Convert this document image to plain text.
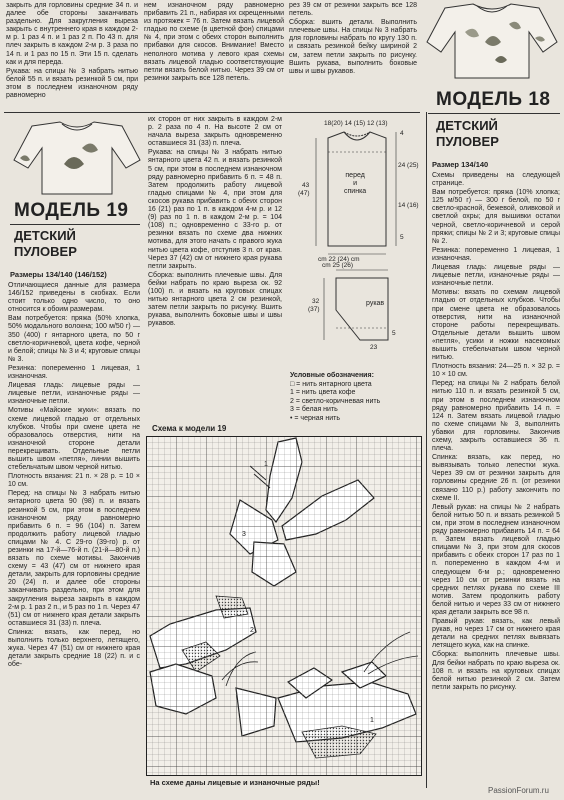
закрыть для горловины средние 34 п. и далее обе стороны заканчивать раздельно. Для закругления выреза закрыть с внутреннего края в каждом 2-м р. 1 раз 4 п. и 1 раз 2 п. По 43 п. для плеч закрыть в каждом 2-м р. 3 раза по 14 п. и 1 раз по 15 п. Эти 15 п. сделать как и для переда.

Рукава: на спицы № 3 набрать нитью белой 55 п. и вязать резинкой 5 см, при этом в последнем изнаночном ряду равномерно

нем изнаночном ряду равномерно прибавить 21 п., набирая их скрещенными из протяжек = 76 п. Затем вязать лицевой гладью по схеме (в цветной фон) спицами № 4, при этом с обеих сторон выполнить прибавки для скосов. Внимание! Вместо неполного мотива у левого края схемы вязать лицевой гладью соответствующие петли вязать белой нитью. Через 39 см от резинки закрыть все 128 петель.

рез 39 см от резинки закрыть все 128 петель.

Сборка: вшить детали. Выполнить плечевые швы. На спицы № 3 набрать для горловины набрать по кругу 130 п. и связать резинкой бейку шириной 2 см, затем петли закрыть по рисунку. Вшить рукава, выполнить боковые швы и швы рукавов.

МОДЕЛЬ 18
ДЕТСКИЙ
ПУЛОВЕР
Размер 134/140

Схемы приведены на следующей странице.

Вам потребуется: пряжа (10% хлопка; 125 м/50 г) — 300 г белой, по 50 г светло-красной, бежевой, оливковой и светлой охры; для вышивки остатки черной, светло-коричневой и серой пряжи; спицы № 2 и 3; круговые спицы № 2.

Резинка: попеременно 1 лицевая, 1 изнаночная.

Лицевая гладь: лицевые ряды — лицевые петли, изнаночные ряды — изнаночные петли.

Мотивы: вязать по схемам лицевой гладью от отдельных клубков. Чтобы при смене цвета не образовалось отверстия, нити на изнаночной стороне работы перекрещивать. Отдельные детали вышить швом «петля», усики и ножки насекомых вышить стебельчатым швом черной нитью.

Плотность вязания: 24—25 п. × 32 р. = 10 × 10 см.

Перед: на спицы № 2 набрать белой нитью 110 п. и вязать резинкой 5 см, при этом в последнем изнаночном ряду равномерно прибавить 14 п. = 124 п. Затем вязать лицевой гладью по схеме спицами № 3, выполнить убавки для горловины. Закончив схему, закрыть оставшиеся 36 п. плеча.

Спинка: вязать, как перед, но вывязывать только лепестки жука. Через 39 см от резинки закрыть для горловины средние 26 п. (от резинки связано 110 р.) работу закончить по схеме II.

Левый рукав: на спицы № 2 набрать белой нитью 50 п. и вязать резинкой 5 см, при этом в последнем изнаночном ряду равномерно прибавить 14 п. = 64 п. Затем вязать лицевой гладью спицами № 3, при этом для скосов прибавить с обеих сторон 17 раз по 1 п. попеременно в каждом 4-м и следующем 6-м р.; одновременно через 10 см от резинки вязать на средних петлях рукава по схеме III мотив. Затем продолжить работу белой нитью и через 33 см от нижнего края детали закрыть все 98 п.

Правый рукав: вязать, как левый рукав, но через 17 см от нижнего края детали на средних петлях вывязать летящего жука, как на спинке.

Сборка: выполнить плечевые швы. Для бейки набрать по краю выреза ок. 108 п. и вязать на круговых спицах белой нитью резинкой 2 см. Затем петли закрыть по рисунку.

МОДЕЛЬ 19
ДЕТСКИЙ
ПУЛОВЕР
Размеры 134/140 (146/152)

Отличающиеся данные для размера 146/152 приведены в скобках. Если стоит только одно число, то оно относится к обоим размерам.

Вам потребуется: пряжа (50% хлопка, 50% модального волокна; 100 м/50 г) — 350 (400) г янтарного цвета, по 50 г светло-коричневой, цвета кофе, черной и белой; спицы № 3 и 4; круговые спицы № 3.

Резинка: попеременно 1 лицевая, 1 изнаночная.

Лицевая гладь: лицевые ряды — лицевые петли, изнаночные ряды — изнаночные петли.

Мотивы «Майские жуки»: вязать по схеме лицевой гладью от отдельных клубков. Чтобы при смене цвета не образовалось отверстия, нити на изнаночной стороне детали перекрещивать. Отдельные петли вышить швом «петля», линии вышить стебельчатым швом черной нитью.

Плотность вязания: 21 п. × 28 р. = 10 × 10 см.

Перед: на спицы № 3 набрать нитью янтарного цвета 90 (98) п. и вязать резинкой 5 см, при этом в последнем изнаночном ряду равномерно прибавить 6 п. = 96 (104) п. Затем продолжить работу лицевой гладью спицами № 4. С 29-го (39-го) р. от резинки на 17-й—76-й п. (21-й—80-й п.) вязать по схеме мотивы. Закончив схему = 43 (47) см от нижнего края детали, закрыть для горловины средние 20 (24) п. и далее обе стороны заканчивать раздельно, при этом для закругления выреза закрыть в каждом 2-м р. 1 раз 2 п., и 5 раз по 1 п. Через 47 (51) см от нижнего края детали закрыть оставшиеся 31 (33) п. плеча.

Спинка: вязать, как перед, но выполнить только верхнего, летящего, жука. Через 47 (51) см от нижнего края детали закрыть средние 18 (22) п. и с обе-

их сторон от них закрыть в каждом 2-м р. 2 раза по 4 п. На высоте 2 см от начала выреза закрыть одновременно оставшиеся 31 (33) п. плеча.

Рукава: на спицы № 3 набрать нитью янтарного цвета 42 п. и вязать резинкой 5 см, при этом в последнем изнаночном ряду равномерно прибавить 6 п. = 48 п. Затем продолжить работу лицевой гладью спицами № 4, при этом для скосов рукава прибавить с обеих сторон 16 (21) раз по 1 п. в каждом 4-м р. и 12 (9) раз по 1 п. в каждом 2-м р. = 104 (108) п.; одновременно с 33-го р. от резинки вязать по схеме два нижних мотива, для этого начать с правого жука нитью цвета кофе, отступив 3 п. от края. Через 37 (42) см от нижнего края рукава петли закрыть.

Сборка: выполнить плечевые швы. Для бейки набрать по краю выреза ок. 92 (100) п. и вязать на круговых спицах нитью янтарного цвета 2 см резинкой, затем петли закрыть по рисунку. Вшить рукава, выполнить боковые швы и швы рукавов.

18(20) 14 (15) 12 (13)
перед
и
спинка
4
24 (25)
14 (16)
5
43
(47)
cm 22 (24) cm
cm 25 (26)
рукав
32
(37)
5
23
Условные обозначения:
□ = нить янтарного цвета
1 = нить цвета кофе
2 = светло-коричневая нить
3 = белая нить
• = черная нить
Схема к модели 19
1
3
2
1
На схеме даны лицевые и изнаночные ряды!
PassionForum.ru
